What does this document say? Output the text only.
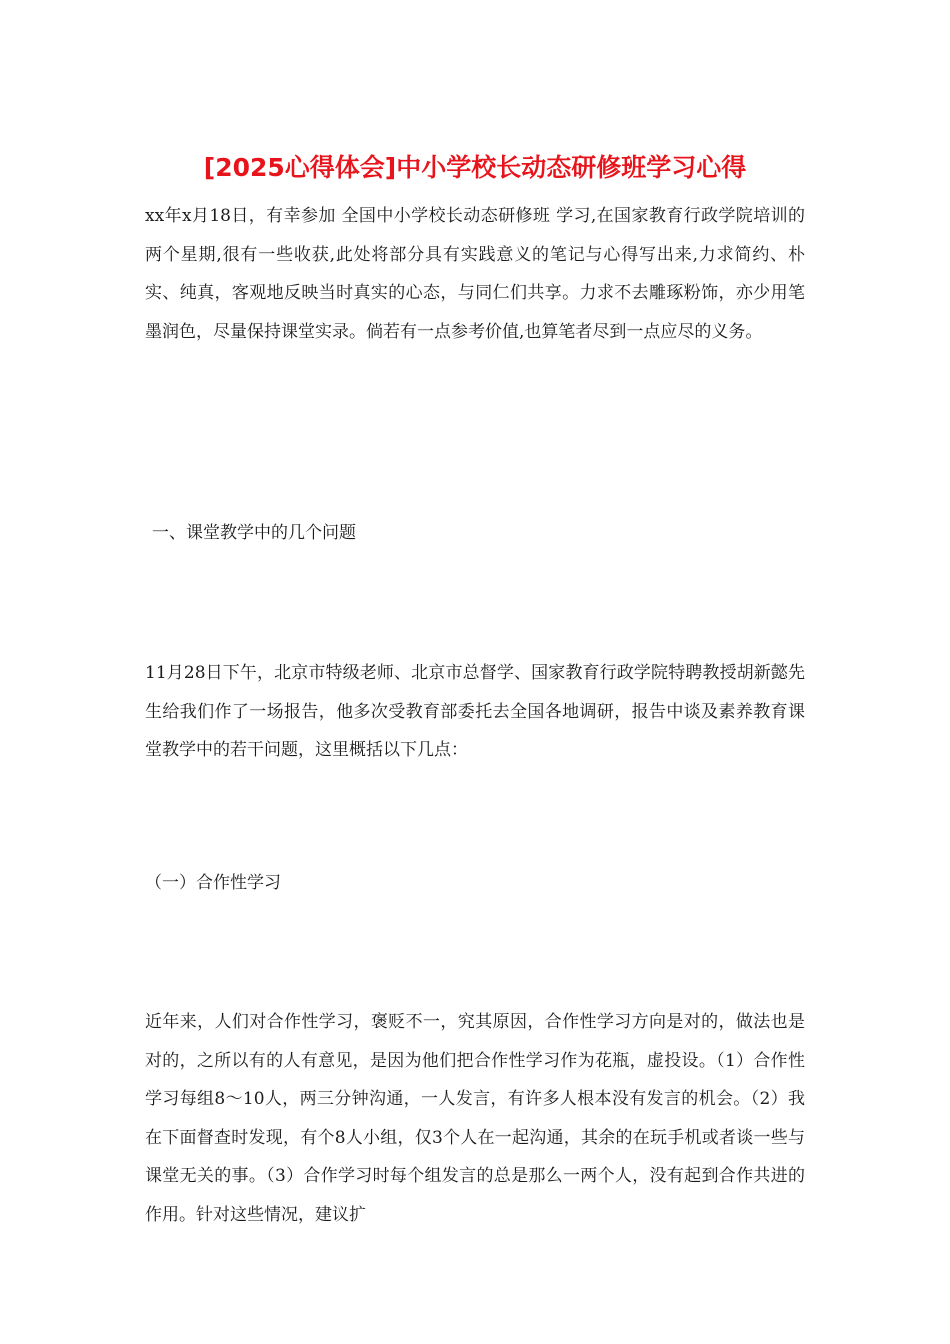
[2025心得体会]中小学校长动态研修班学习心得

xx年x月18日，有幸参加 全国中小学校长动态研修班 学习,在国家教育行政学院培训的两个星期,很有一些收获,此处将部分具有实践意义的笔记与心得写出来,力求简约、朴实、纯真，客观地反映当时真实的心态，与同仁们共享。力求不去雕琢粉饰，亦少用笔墨润色，尽量保持课堂实录。倘若有一点参考价值,也算笔者尽到一点应尽的义务。

一、课堂教学中的几个问题

11月28日下午，北京市特级老师、北京市总督学、国家教育行政学院特聘教授胡新懿先生给我们作了一场报告，他多次受教育部委托去全国各地调研，报告中谈及素养教育课堂教学中的若干问题，这里概括以下几点：

（一）合作性学习

近年来，人们对合作性学习，褒贬不一，究其原因，合作性学习方向是对的，做法也是对的，之所以有的人有意见，是因为他们把合作性学习作为花瓶，虚投设。（1）合作性学习每组8～10人，两三分钟沟通，一人发言，有许多人根本没有发言的机会。（2）我在下面督查时发现，有个8人小组，仅3个人在一起沟通，其余的在玩手机或者谈一些与课堂无关的事。（3）合作学习时每个组发言的总是那么一两个人，没有起到合作共进的作用。针对这些情况，建议扩
